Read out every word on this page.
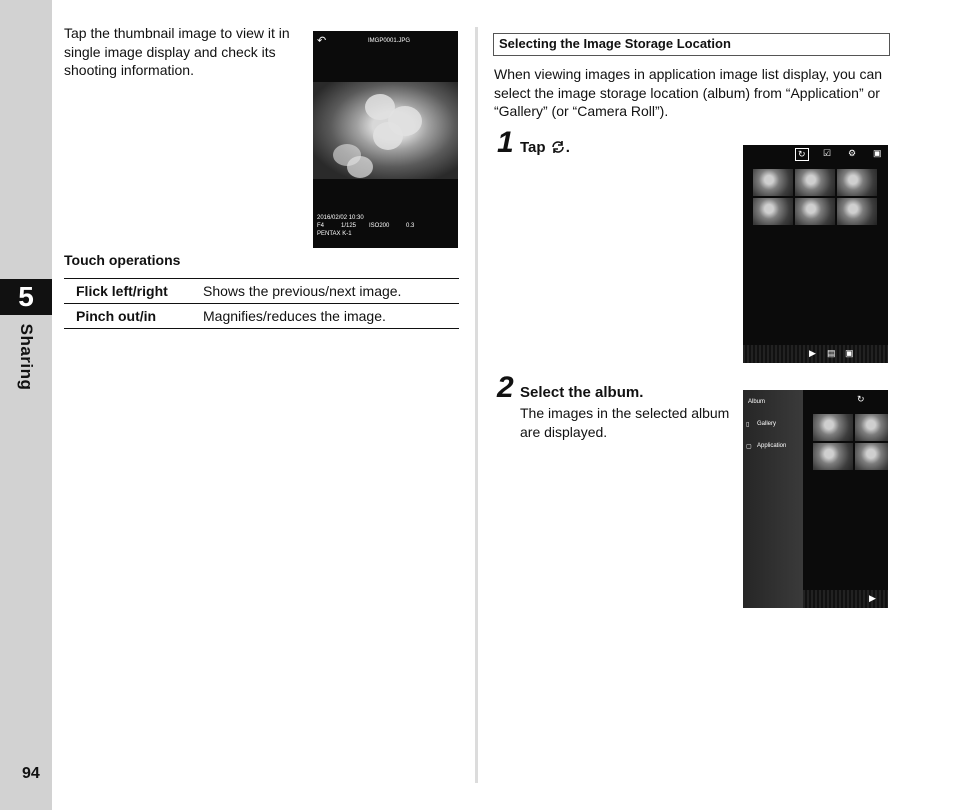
5
Sharing
94
Tap the thumbnail image to view it in single image display and check its shooting information.
↶	IMGP0001.JPG
2016/02/02 10:30
F4	1/125 ISO200	0.3
PENTAX K-1
Touch operations
Flick left/right	Shows the previous/next image.
Pinch out/in	Magnifies/reduces the image.
Selecting the Image Storage Location
When viewing images in application image list display, you can select the image storage location (album) from “Application” or “Gallery” (or “Camera Roll”).
1 Tap .	↻	☑ ⚙ ▣
▶ ▤ ▣
2 Select the album.
The images in the selected album are displayed.
↻
Album
▯ Gallery
▢ Application
▶
